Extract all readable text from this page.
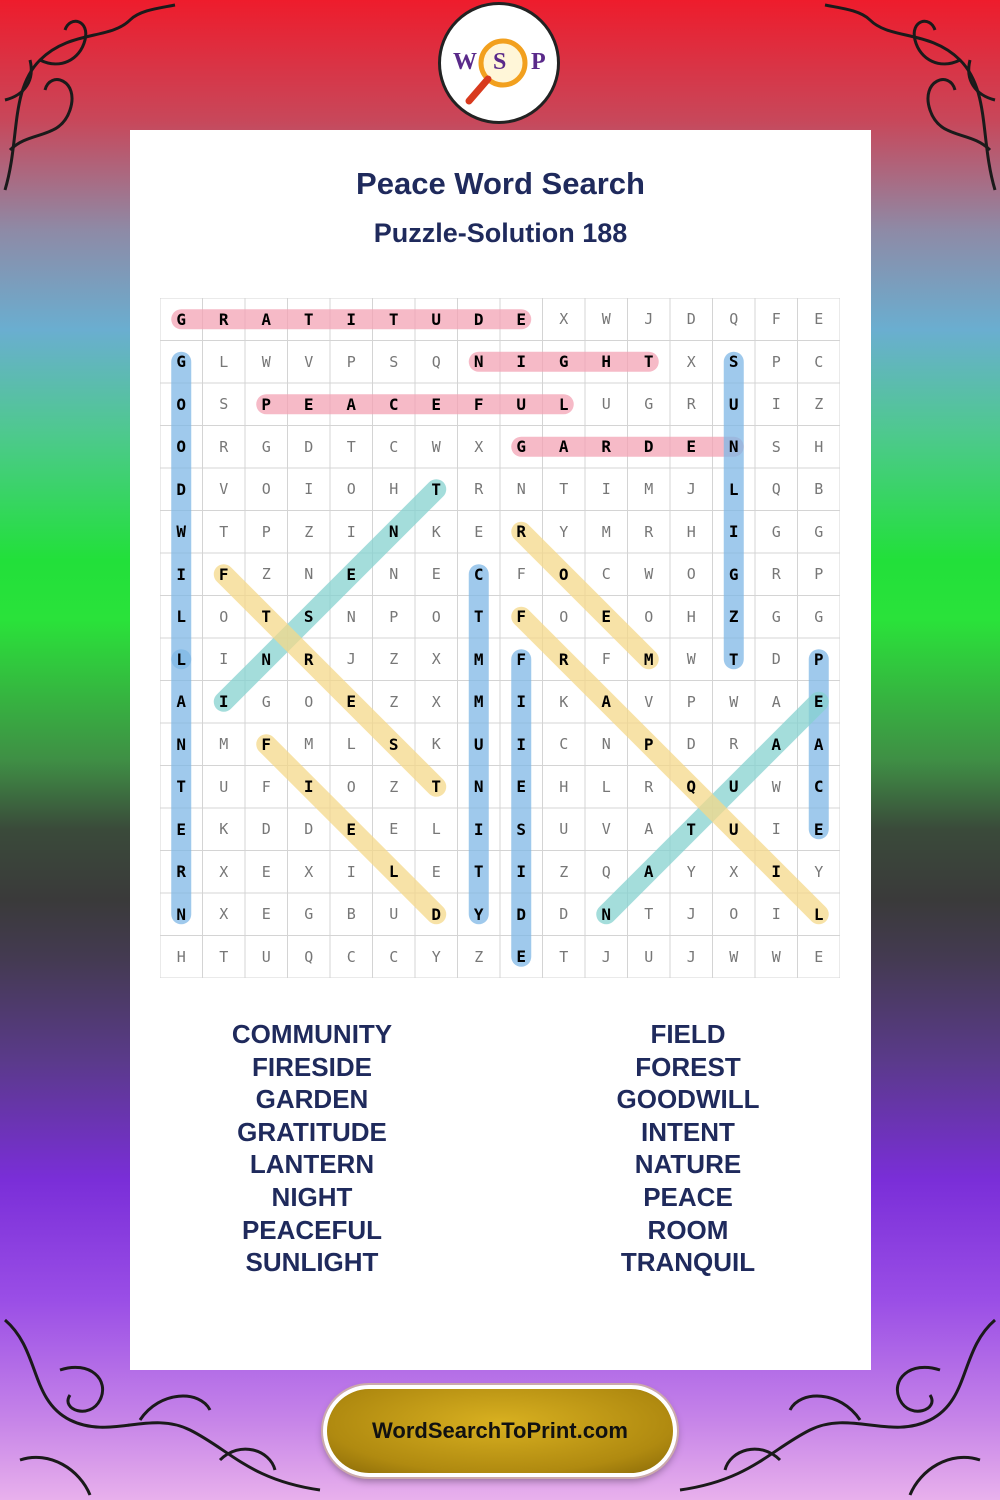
Peace Word Search
Puzzle-Solution 188
W S P
G	R	A	T	I	T	U	D	E	X	W	J	D	Q	F	E
G	L	W	V	P	S	Q	N	I	G	H	T	X	S	P	C
O	S	P	E	A	C	E	F	U	L	U	G	R	U	I	Z
O	R	G	D	T	C	W	X	G	A	R	D	E	N	S	H
D	V	O	I	O	H	T	R	N	T	I	M	J	L	Q	B
W	T	P	Z	I	N	K	E	R	Y	M	R	H	I	G	G
I	F	Z	N	E	N	E	C	F	O	C	W	O	G	R	P
L	O	T	S	N	P	O	T	F	O	E	O	H	Z	G	G
L	I	N	R	J	Z	X	M	F	R	F	M	W	T	D	P
A	I	G	O	E	Z	X	M	I	K	A	V	P	W	A	E
N	M	F	M	L	S	K	U	I	C	N	P	D	R	A	A
T	U	F	I	O	Z	T	N	E	H	L	R	Q	U	W	C
E	K	D	D	E	E	L	I	S	U	V	A	T	U	I	E
R	X	E	X	I	L	E	T	I	Z	Q	A	Y	X	I	Y
N	X	E	G	B	U	D	Y	D	D	N	T	J	O	I	L
H	T	U	Q	C	C	Y	Z	E	T	J	U	J	W	W	E
COMMUNITY
FIRESIDE
GARDEN
GRATITUDE
LANTERN
NIGHT
PEACEFUL
SUNLIGHT
FIELD
FOREST
GOODWILL
INTENT
NATURE
PEACE
ROOM
TRANQUIL
WordSearchToPrint.com
